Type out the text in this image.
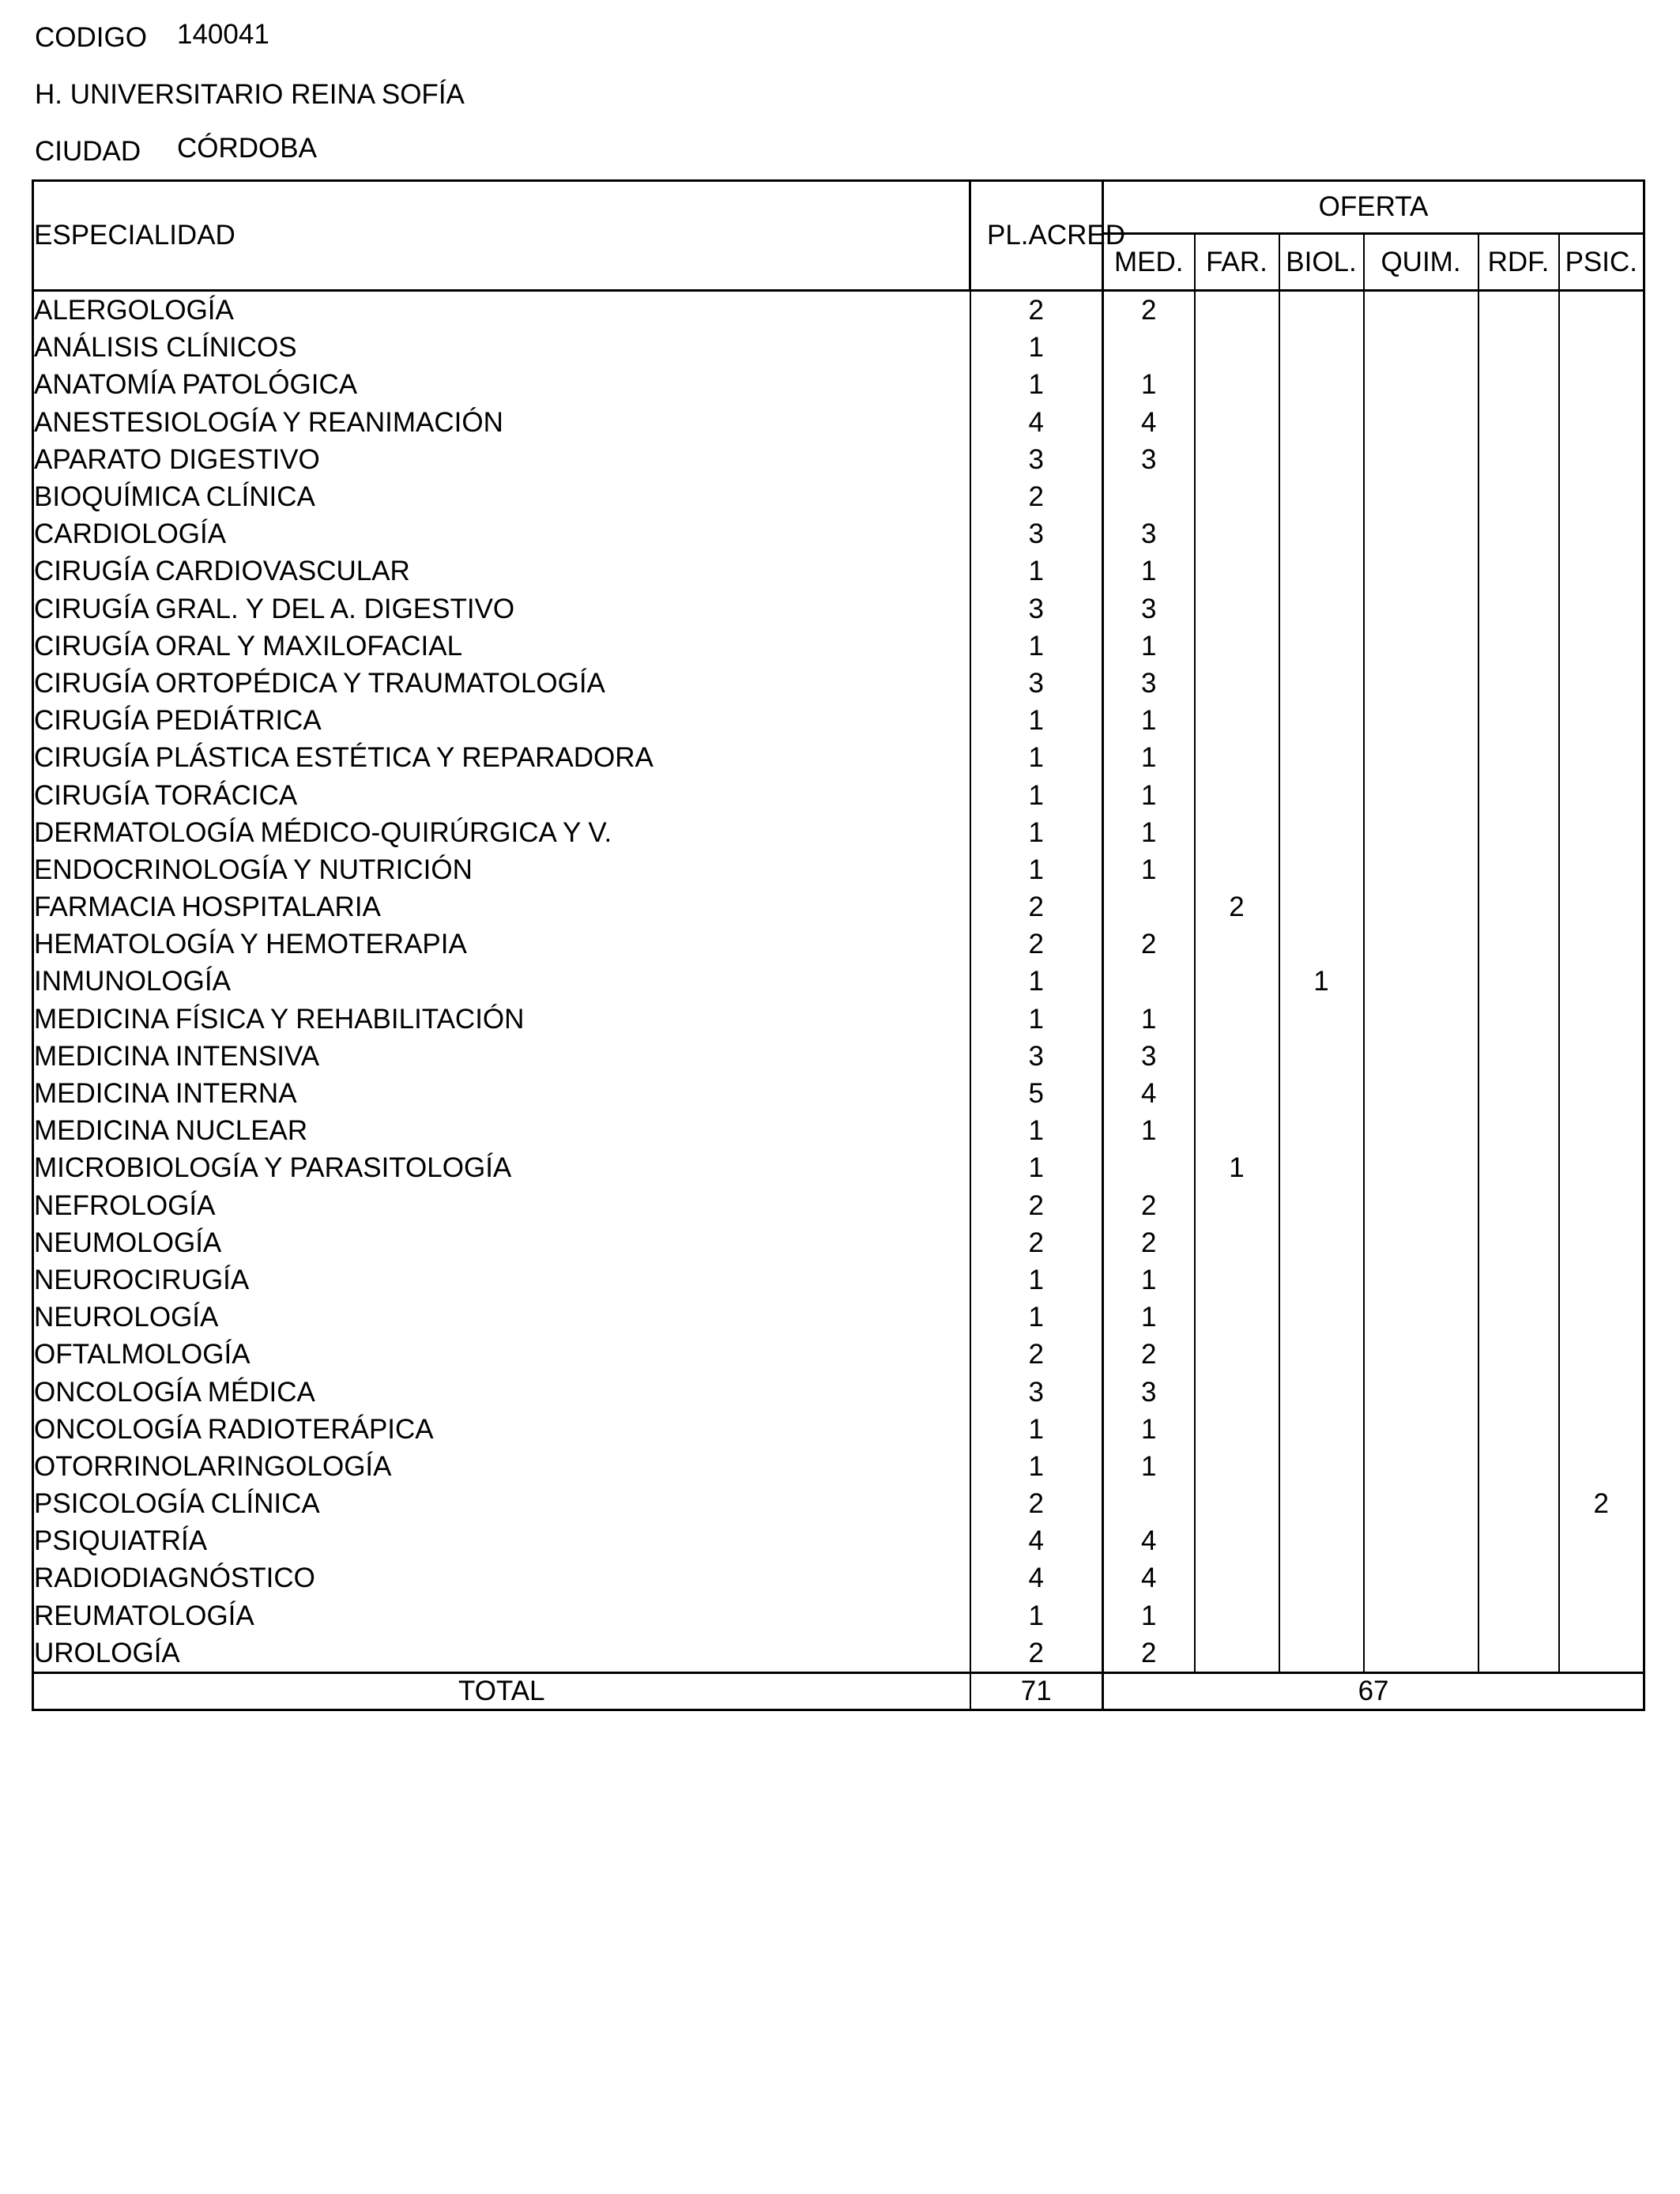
CODIGO 140041
H. UNIVERSITARIO REINA SOFÍA
CIUDAD CÓRDOBA
ESPECIALIDAD	PL.ACRED	OFERTA					
		MED.	FAR.	BIOL.	QUIM.	RDF.	PSIC.
ALERGOLOGÍA	2	2					
ANÁLISIS CLÍNICOS	1						
ANATOMÍA PATOLÓGICA	1	1					
ANESTESIOLOGÍA Y REANIMACIÓN	4	4					
APARATO DIGESTIVO	3	3					
BIOQUÍMICA CLÍNICA	2						
CARDIOLOGÍA	3	3					
CIRUGÍA CARDIOVASCULAR	1	1					
CIRUGÍA GRAL. Y DEL A. DIGESTIVO	3	3					
CIRUGÍA ORAL Y MAXILOFACIAL	1	1					
CIRUGÍA ORTOPÉDICA Y TRAUMATOLOGÍA	3	3					
CIRUGÍA PEDIÁTRICA	1	1					
CIRUGÍA PLÁSTICA ESTÉTICA Y REPARADORA	1	1					
CIRUGÍA TORÁCICA	1	1					
DERMATOLOGÍA MÉDICO-QUIRÚRGICA Y V.	1	1					
ENDOCRINOLOGÍA Y NUTRICIÓN	1	1					
FARMACIA HOSPITALARIA	2		2				
HEMATOLOGÍA Y HEMOTERAPIA	2	2					
INMUNOLOGÍA	1			1			
MEDICINA FÍSICA Y REHABILITACIÓN	1	1					
MEDICINA INTENSIVA	3	3					
MEDICINA INTERNA	5	4					
MEDICINA NUCLEAR	1	1					
MICROBIOLOGÍA Y PARASITOLOGÍA	1		1				
NEFROLOGÍA	2	2					
NEUMOLOGÍA	2	2					
NEUROCIRUGÍA	1	1					
NEUROLOGÍA	1	1					
OFTALMOLOGÍA	2	2					
ONCOLOGÍA MÉDICA	3	3					
ONCOLOGÍA RADIOTERÁPICA	1	1					
OTORRINOLARINGOLOGÍA	1	1					
PSICOLOGÍA CLÍNICA	2						2
PSIQUIATRÍA	4	4					
RADIODIAGNÓSTICO	4	4					
REUMATOLOGÍA	1	1					
UROLOGÍA	2	2					
TOTAL	71	67					
